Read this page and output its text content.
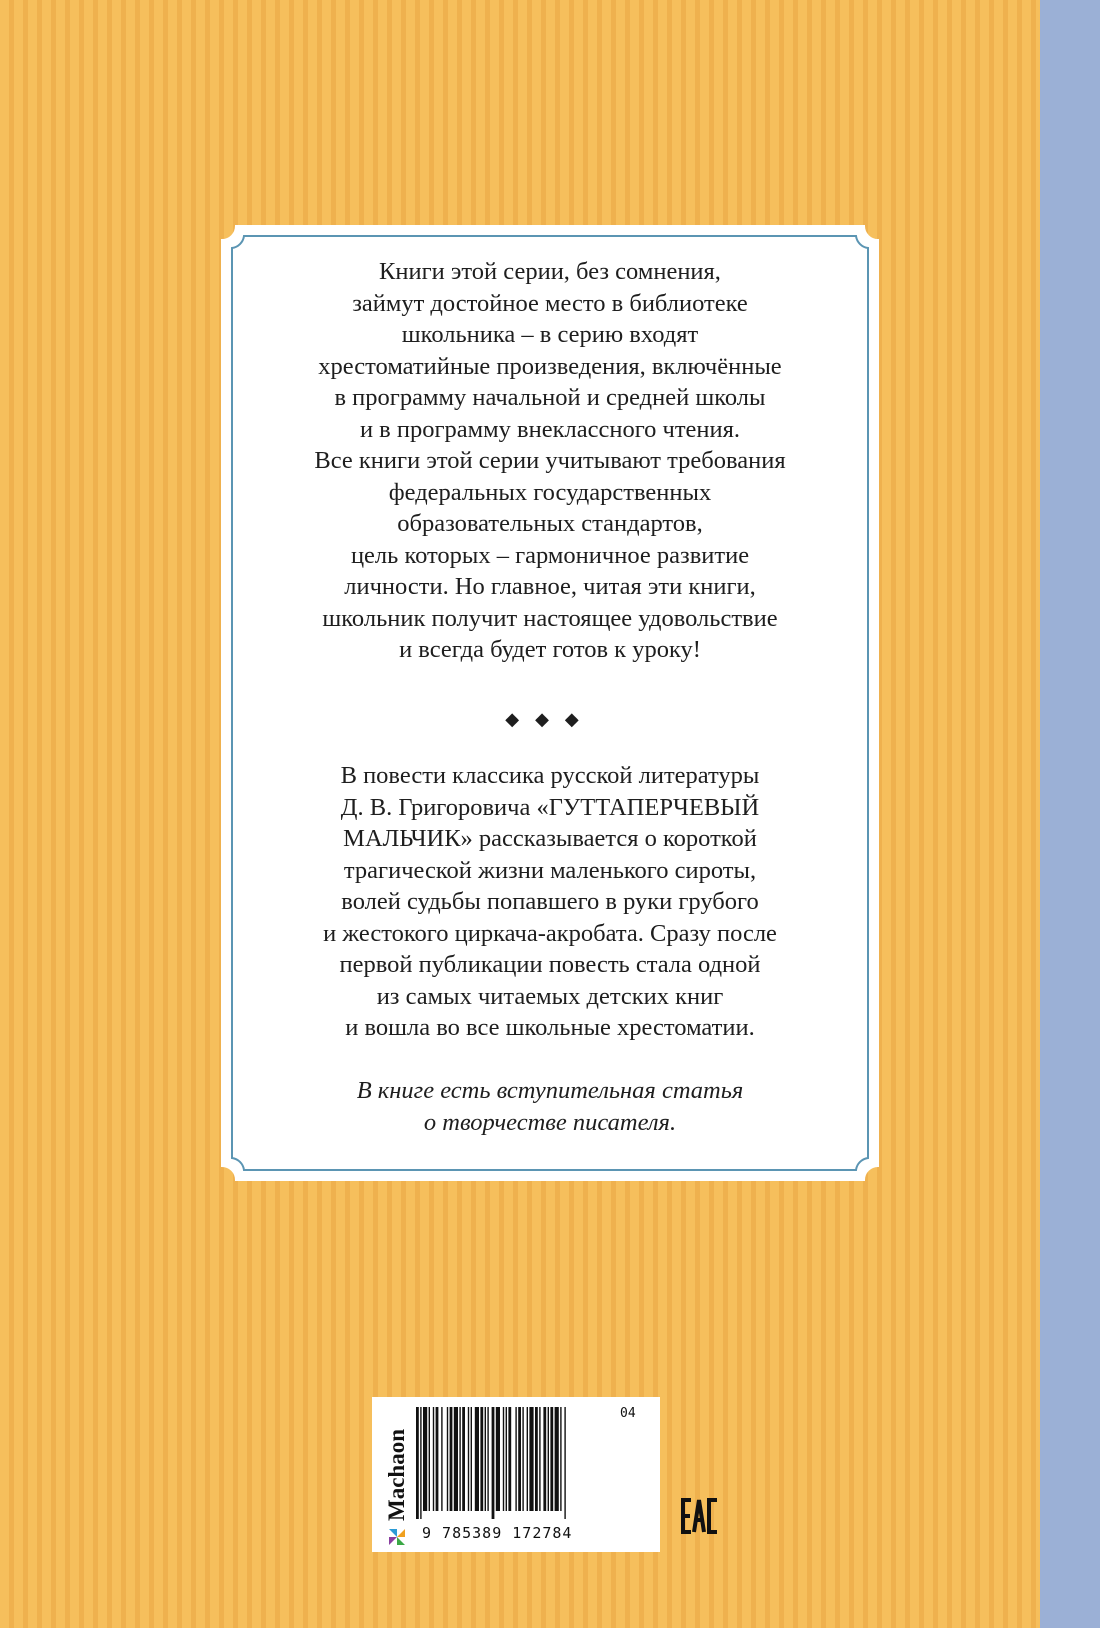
Книги этой серии, без сомнения,
займут достойное место в библиотеке
школьника – в серию входят
хрестоматийные произведения, включённые
в программу начальной и средней школы
и в программу внеклассного чтения.
Все книги этой серии учитывают требования
федеральных государственных
образовательных стандартов,
цель которых – гармоничное развитие
личности. Но главное, читая эти книги,
школьник получит настоящее удовольствие
и всегда будет готов к уроку!
◆◆◆
В повести классика русской литературы
Д. В. Григоровича «ГУТТАПЕРЧЕВЫЙ
МАЛЬЧИК» рассказывается о короткой
трагической жизни маленького сироты,
волей судьбы попавшего в руки грубого
и жестокого циркача-акробата. Сразу после
первой публикации повесть стала одной
из самых читаемых детских книг
и вошла во все школьные хрестоматии.
В книге есть вступительная статья
о творчестве писателя.
Machaon
04
9 785389 172784
